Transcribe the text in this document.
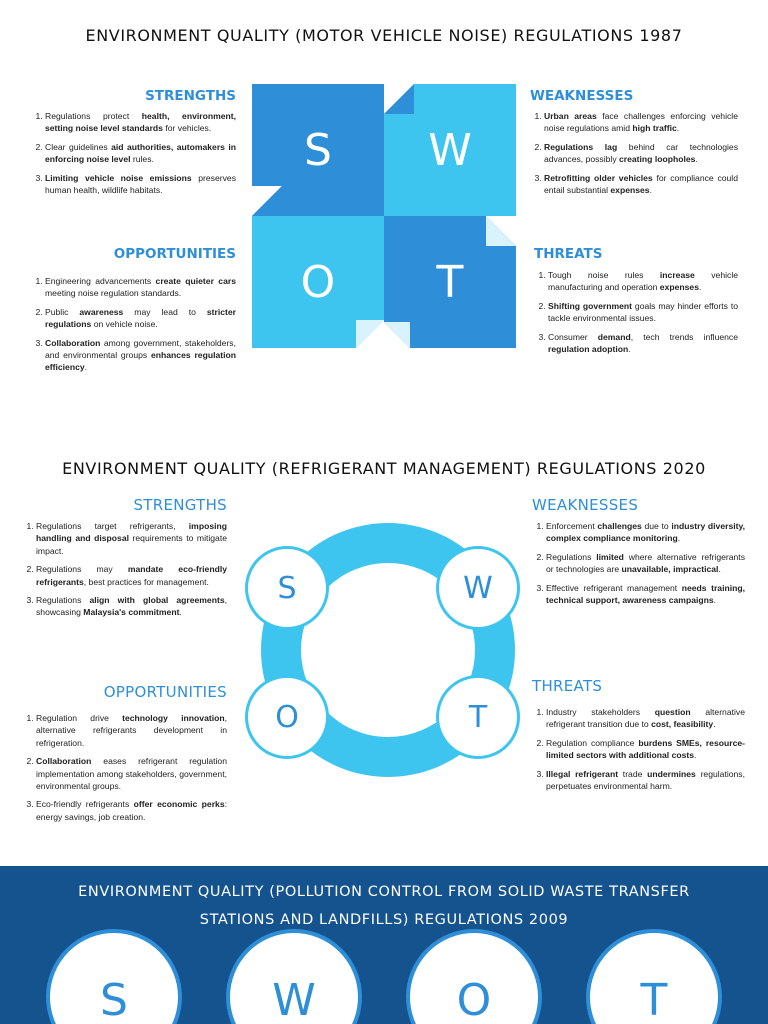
ENVIRONMENT QUALITY (MOTOR VEHICLE NOISE) REGULATIONS 1987
STRENGTHS
1. Regulations protect health, environment, setting noise level standards for vehicles.
2. Clear guidelines aid authorities, automakers in enforcing noise level rules.
3. Limiting vehicle noise emissions preserves human health, wildlife habitats.
WEAKNESSES
1. Urban areas face challenges enforcing vehicle noise regulations amid high traffic.
2. Regulations lag behind car technologies advances, possibly creating loopholes.
3. Retrofitting older vehicles for compliance could entail substantial expenses.
OPPORTUNITIES
1. Engineering advancements create quieter cars meeting noise regulation standards.
2. Public awareness may lead to stricter regulations on vehicle noise.
3. Collaboration among government, stakeholders, and environmental groups enhances regulation efficiency.
THREATS
1. Tough noise rules increase vehicle manufacturing and operation expenses.
2. Shifting government goals may hinder efforts to tackle environmental issues.
3. Consumer demand, tech trends influence regulation adoption.
S W
O T
ENVIRONMENT QUALITY (REFRIGERANT MANAGEMENT) REGULATIONS 2020
STRENGTHS
1. Regulations target refrigerants, imposing handling and disposal requirements to mitigate impact.
2. Regulations may mandate eco-friendly refrigerants, best practices for management.
3. Regulations align with global agreements, showcasing Malaysia's commitment.
WEAKNESSES
1. Enforcement challenges due to industry diversity, complex compliance monitoring.
2. Regulations limited where alternative refrigerants or technologies are unavailable, impractical.
3. Effective refrigerant management needs training, technical support, awareness campaigns.
OPPORTUNITIES
1. Regulation drive technology innovation, alternative refrigerants development in refrigeration.
2. Collaboration eases refrigerant regulation implementation among stakeholders, government, environmental groups.
3. Eco-friendly refrigerants offer economic perks: energy savings, job creation.
THREATS
1. Industry stakeholders question alternative refrigerant transition due to cost, feasibility.
2. Regulation compliance burdens SMEs, resource-limited sectors with additional costs.
3. Illegal refrigerant trade undermines regulations, perpetuates environmental harm.
S	W
O	T
ENVIRONMENT QUALITY (POLLUTION CONTROL FROM SOLID WASTE TRANSFER STATIONS AND LANDFILLS) REGULATIONS 2009
S	W	O	T
